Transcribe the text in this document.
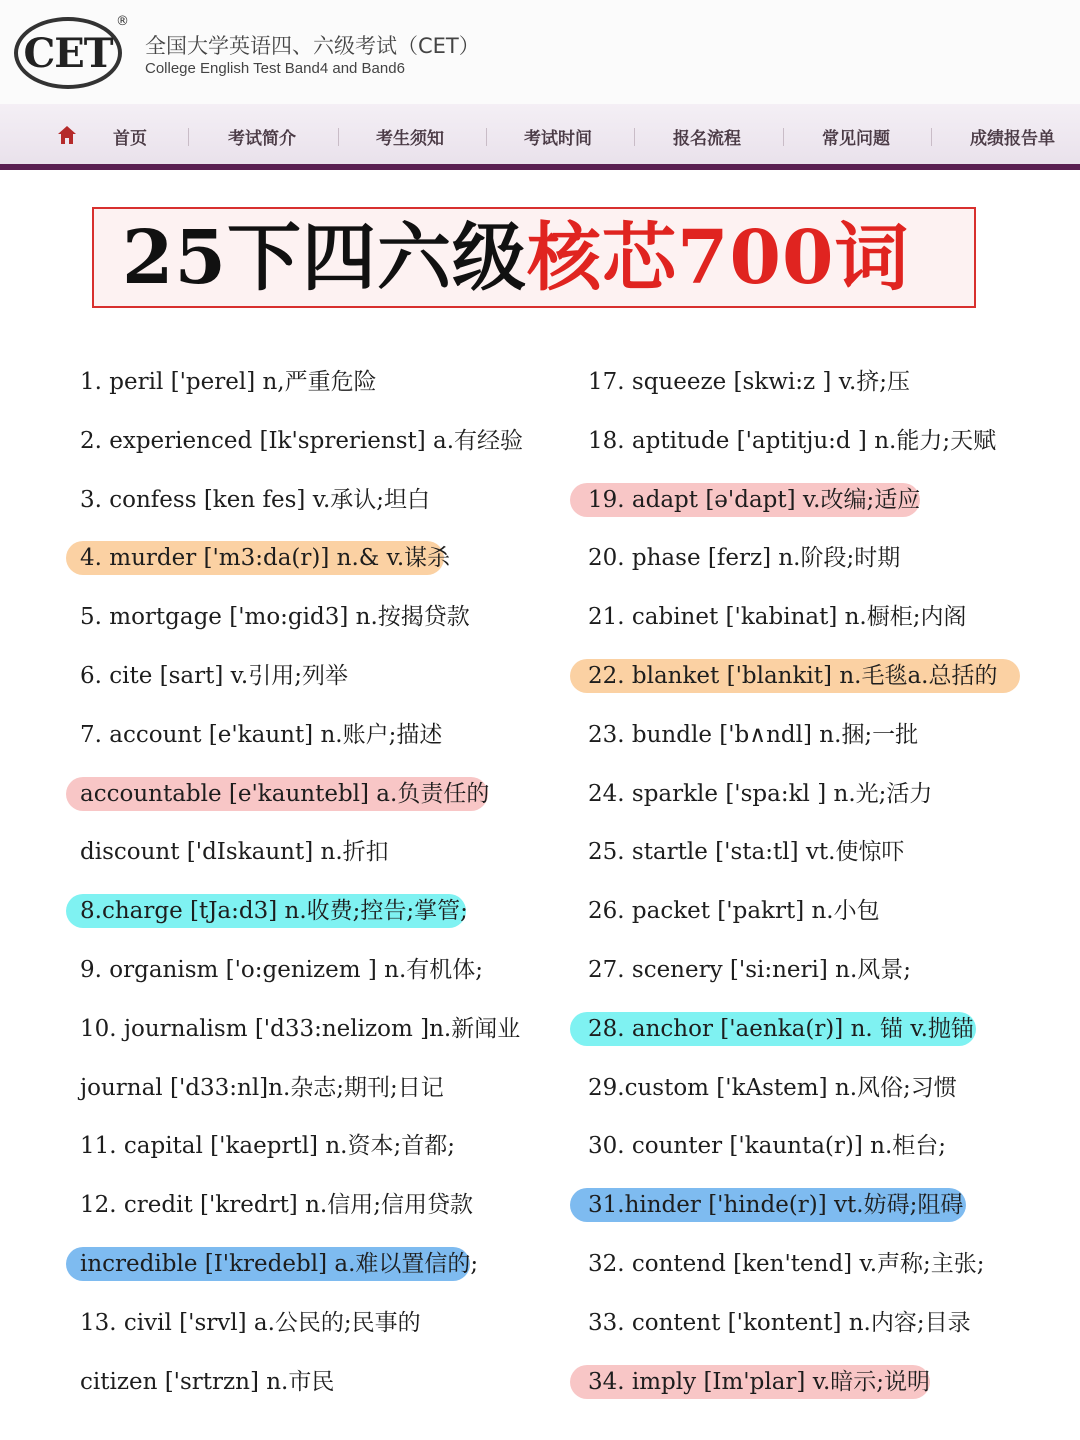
CET
®
全国大学英语四、六级考试（CET）
College English Test Band4 and Band6
首页	考试简介	考生须知	考试时间	报名流程	常见问题	成绩报告单
25下四六级核芯700词
1. peril ['perel] n,严重危险
2. experienced [Ik'sprerienst] a.有经验
3. confess [ken fes] v.承认;坦白
4. murder ['m3:da(r)] n.& v.谋杀
5. mortgage ['mo:gid3] n.按揭贷款
6. cite [sart] v.引用;列举
7. account [e'kaunt] n.账户;描述
accountable [e'kauntebl] a.负责任的
discount ['dIskaunt] n.折扣
8.charge [tJa:d3] n.收费;控告;掌管;
9. organism ['o:genizem ] n.有机体;
10. journalism ['d33:nelizom ]n.新闻业
journal ['d33:nl]n.杂志;期刊;日记
11. capital ['kaeprtl] n.资本;首都;
12. credit ['kredrt] n.信用;信用贷款
incredible [I'kredebl] a.难以置信的;
13. civil ['srvl] a.公民的;民事的
citizen ['srtrzn] n.市民
17. squeeze [skwi:z ] v.挤;压
18. aptitude ['aptitju:d ] n.能力;天赋
19. adapt [ə'dapt] v.改编;适应
20. phase [ferz] n.阶段;时期
21. cabinet ['kabinat] n.橱柜;内阁
22. blanket ['blankit] n.毛毯a.总括的
23. bundle ['b∧ndl] n.捆;一批
24. sparkle ['spa:kl ] n.光;活力
25. startle ['sta:tl] vt.使惊吓
26. packet ['pakrt] n.小包
27. scenery ['si:neri] n.风景;
28. anchor ['aenka(r)] n. 锚 v.抛锚
29.custom ['kAstem] n.风俗;习惯
30. counter ['kaunta(r)] n.柜台;
31.hinder ['hinde(r)] vt.妨碍;阻碍
32. contend [ken'tend] v.声称;主张;
33. content ['kontent] n.内容;目录
34. imply [Im'plar] v.暗示;说明
